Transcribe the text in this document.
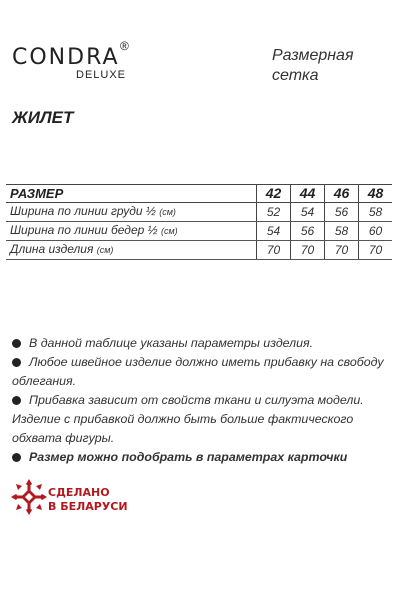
CONDRA ®
DELUXE
Размерная
сетка
ЖИЛЕТ
РАЗМЕР	42	44	46	48
Ширина по линии груди ½ (см)	52	54	56	58
Ширина по линии бедер ½ (см)	54	56	58	60
Длина изделия (см)	70	70	70	70

В данной таблице указаны параметры изделия.

Любое швейное изделие должно иметь прибавку на свободу облегания.

Прибавка зависит от свойств ткани и силуэта модели.

Изделие с прибавкой должно быть больше фактического обхвата фигуры.

Размер можно подобрать в параметрах карточки

СДЕЛАНО
В БЕЛАРУСИ
